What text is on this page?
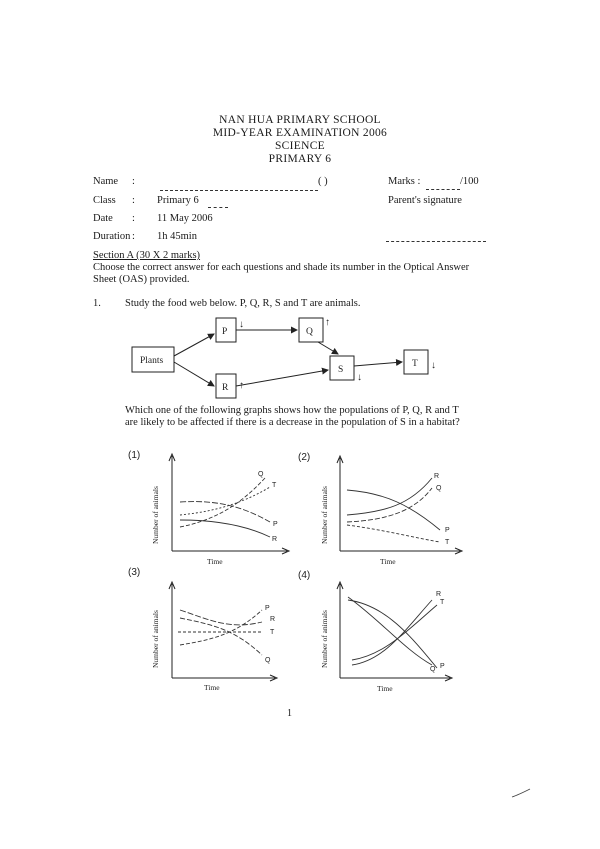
NAN HUA PRIMARY SCHOOL
MID-YEAR EXAMINATION 2006
SCIENCE
PRIMARY 6
Name :	( )	Marks :	/100
Class : Primary 6	Parent's signature
Date : 11 May 2006
Duration : 1h 45min
Section A (30 X 2 marks)
Choose the correct answer for each questions and shade its number in the Optical Answer
Sheet (OAS) provided.
1. Study the food web below. P, Q, R, S and T are animals.
Plants
P	Q
R
S
T
↓	↑
↑
↓
↓
Which one of the following graphs shows how the populations of P, Q, R and T
are likely to be affected if there is a decrease in the population of S in a habitat?
(1)	(2)
(3)	(4)
Q
T
P
R
R
Q
P
T
P
R
T
Q
R
T
Q P
Time	Time
Time	Time
Number of animals	Number of animals
Number of animals	Number of animals
1
